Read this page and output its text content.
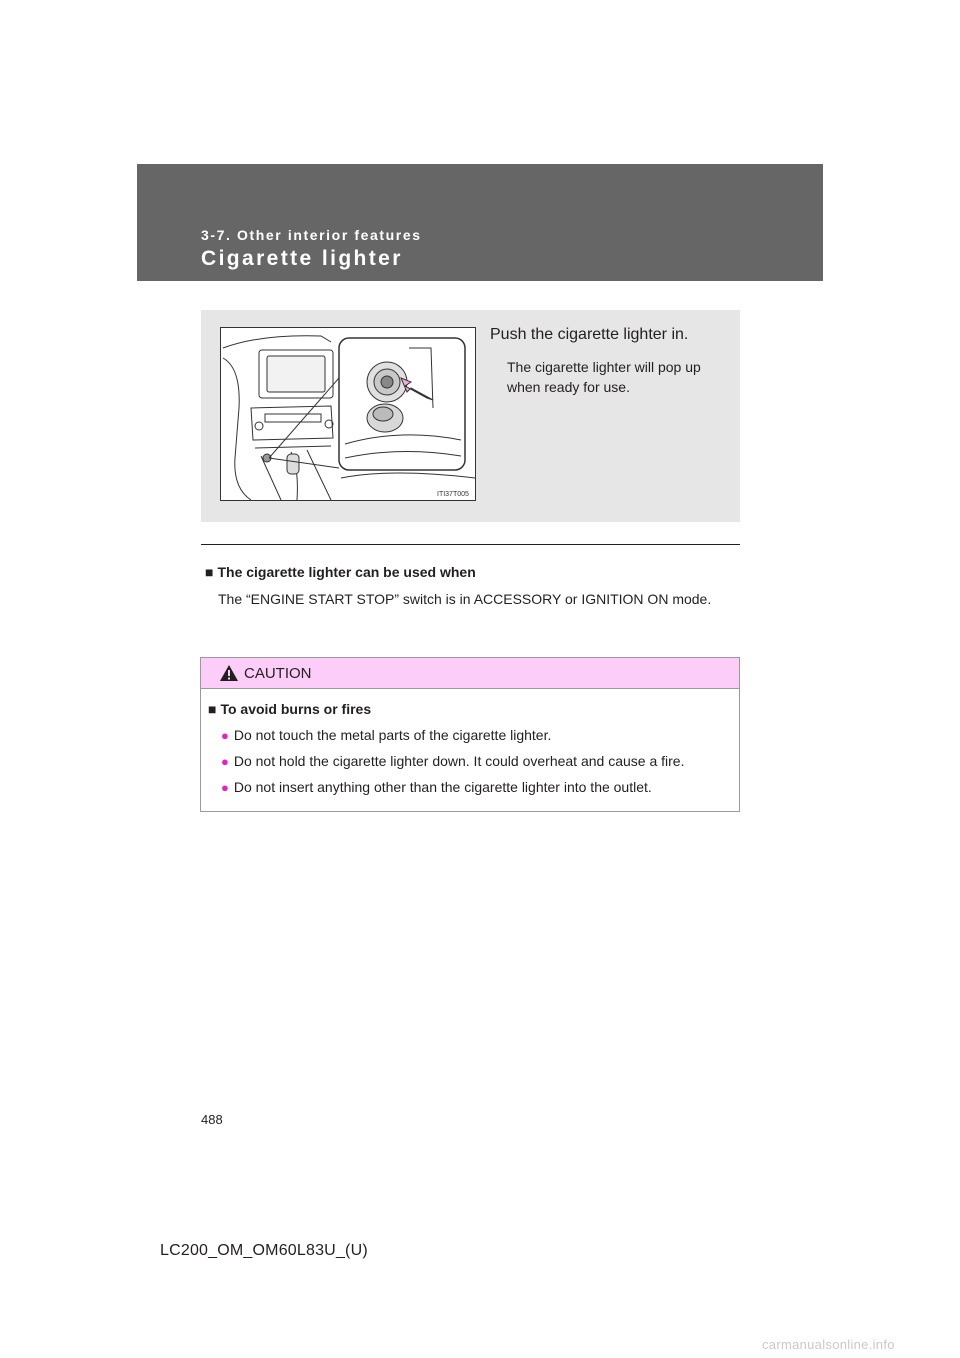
3-7. Other interior features
Cigarette lighter
ITI37T005
Push the cigarette lighter in.
The cigarette lighter will pop up when ready for use.
■ The cigarette lighter can be used when
The “ENGINE START STOP” switch is in ACCESSORY or IGNITION ON mode.
CAUTION
■ To avoid burns or fires
● Do not touch the metal parts of the cigarette lighter.
● Do not hold the cigarette lighter down. It could overheat and cause a fire.
● Do not insert anything other than the cigarette lighter into the outlet.
488
LC200_OM_OM60L83U_(U)
carmanualsonline.info
